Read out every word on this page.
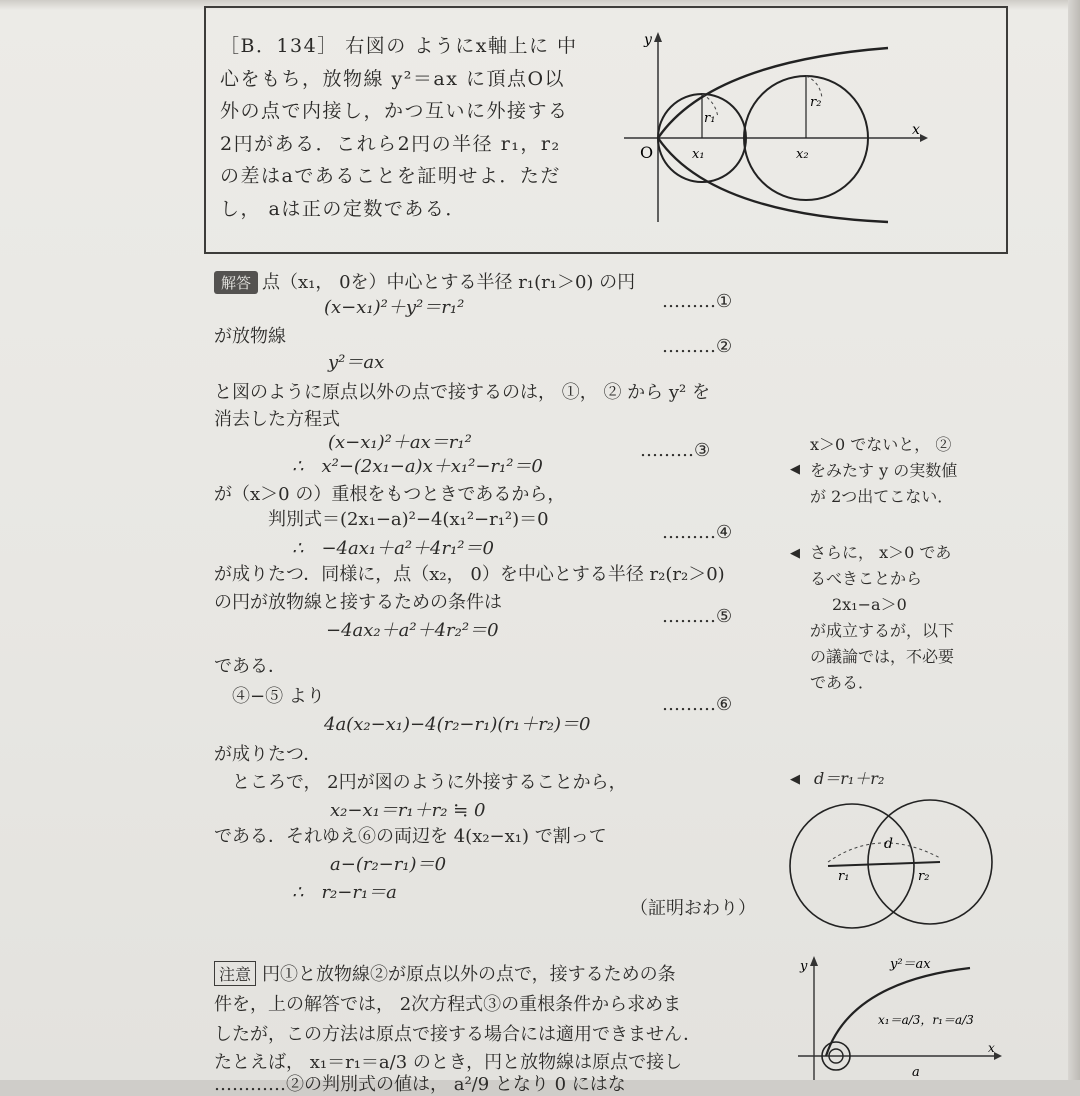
［B．134］ 右図の ようにx軸上に 中
心をもち，放物線 y²＝ax に頂点O以
外の点で内接し，かつ互いに外接する
2円がある．これら2円の半径 r₁，r₂
の差はaであることを証明せよ．ただ
し， aは正の定数である．
y
x
O
r₁
r₂
x₁	x₂
解答 点（x₁， 0を）中心とする半径 r₁(r₁＞0) の円
(x−x₁)²＋y²＝r₁²	………①
が放物線
y²＝ax
………②
と図のように原点以外の点で接するのは， ①， ② から y² を
消去した方程式
(x−x₁)²＋ax＝r₁²
∴　x²−(2x₁−a)x＋x₁²−r₁²＝0
………③
が（x＞0 の）重根をもつときであるから，
判別式＝(2x₁−a)²−4(x₁²−r₁²)＝0
………④
∴　−4ax₁＋a²＋4r₁²＝0
が成りたつ．同様に，点（x₂， 0）を中心とする半径 r₂(r₂＞0)
の円が放物線と接するための条件は
………⑤
−4ax₂＋a²＋4r₂²＝0
である．
④−⑤ より
4a(x₂−x₁)−4(r₂−r₁)(r₁＋r₂)＝0
………⑥
が成りたつ．
ところで， 2円が図のように外接することから，
x₂−x₁＝r₁＋r₂ ≒ 0
である．それゆえ⑥の両辺を 4(x₂−x₁) で割って
a−(r₂−r₁)＝0
∴　r₂−r₁＝a
（証明おわり）
x＞0 でないと， ②
をみたす y の実数値
が 2つ出てこない．
◀
さらに， x＞0 であ
るべきことから
2x₁−a＞0
が成立するが，以下
の議論では，不必要
である．
◀
◀ d＝r₁＋r₂
d
r₁	r₂
注意 円①と放物線②が原点以外の点で，接するための条
件を，上の解答では， 2次方程式③の重根条件から求めま
したが，この方法は原点で接する場合には適用できません．
たとえば， x₁＝r₁＝a/3 のとき，円と放物線は原点で接し
…………②の判別式の値は， a²/9 となり 0 にはな
y	y²＝ax
x₁＝a/3，r₁＝a/3
x
a
